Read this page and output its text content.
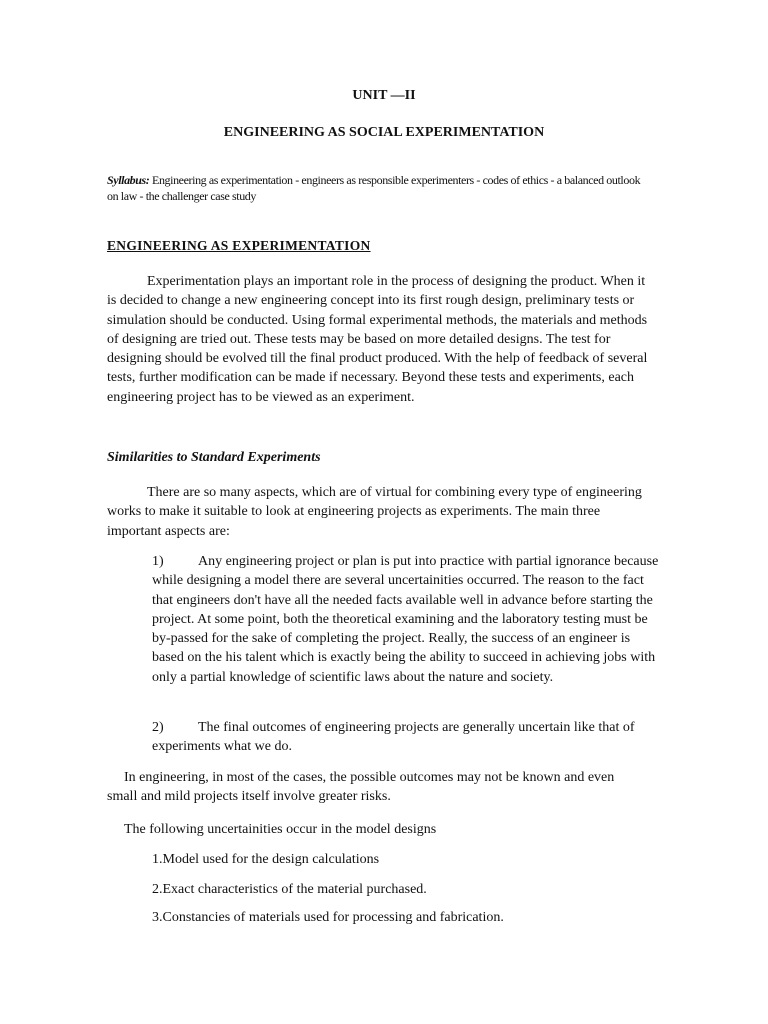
UNIT —II
ENGINEERING AS SOCIAL EXPERIMENTATION
Syllabus: Engineering as experimentation - engineers as responsible experimenters - codes of ethics - a balanced outlook on law - the challenger case study
ENGINEERING AS EXPERIMENTATION

Experimentation plays an important role in the process of designing the product. When it is decided to change a new engineering concept into its first rough design, preliminary tests or simulation should be conducted. Using formal experimental methods, the materials and methods of designing are tried out. These tests may be based on more detailed designs. The test for designing should be evolved till the final product produced. With the help of feedback of several tests, further modification can be made if necessary. Beyond these tests and experiments, each engineering project has to be viewed as an experiment.

Similarities to Standard Experiments

There are so many aspects, which are of virtual for combining every type of engineering works to make it suitable to look at engineering projects as experiments. The main three important aspects are:

1) Any engineering project or plan is put into practice with partial ignorance because while designing a model there are several uncertainities occurred. The reason to the fact that engineers don't have all the needed facts available well in advance before starting the project. At some point, both the theoretical examining and the laboratory testing must be by-passed for the sake of completing the project. Really, the success of an engineer is based on the his talent which is exactly being the ability to succeed in achieving jobs with only a partial knowledge of scientific laws about the nature and society.
2) The final outcomes of engineering projects are generally uncertain like that of experiments what we do.
In engineering, in most of the cases, the possible outcomes may not be known and even small and mild projects itself involve greater risks.
The following uncertainities occur in the model designs
1.Model used for the design calculations
2.Exact characteristics of the material purchased.
3.Constancies of materials used for processing and fabrication.
